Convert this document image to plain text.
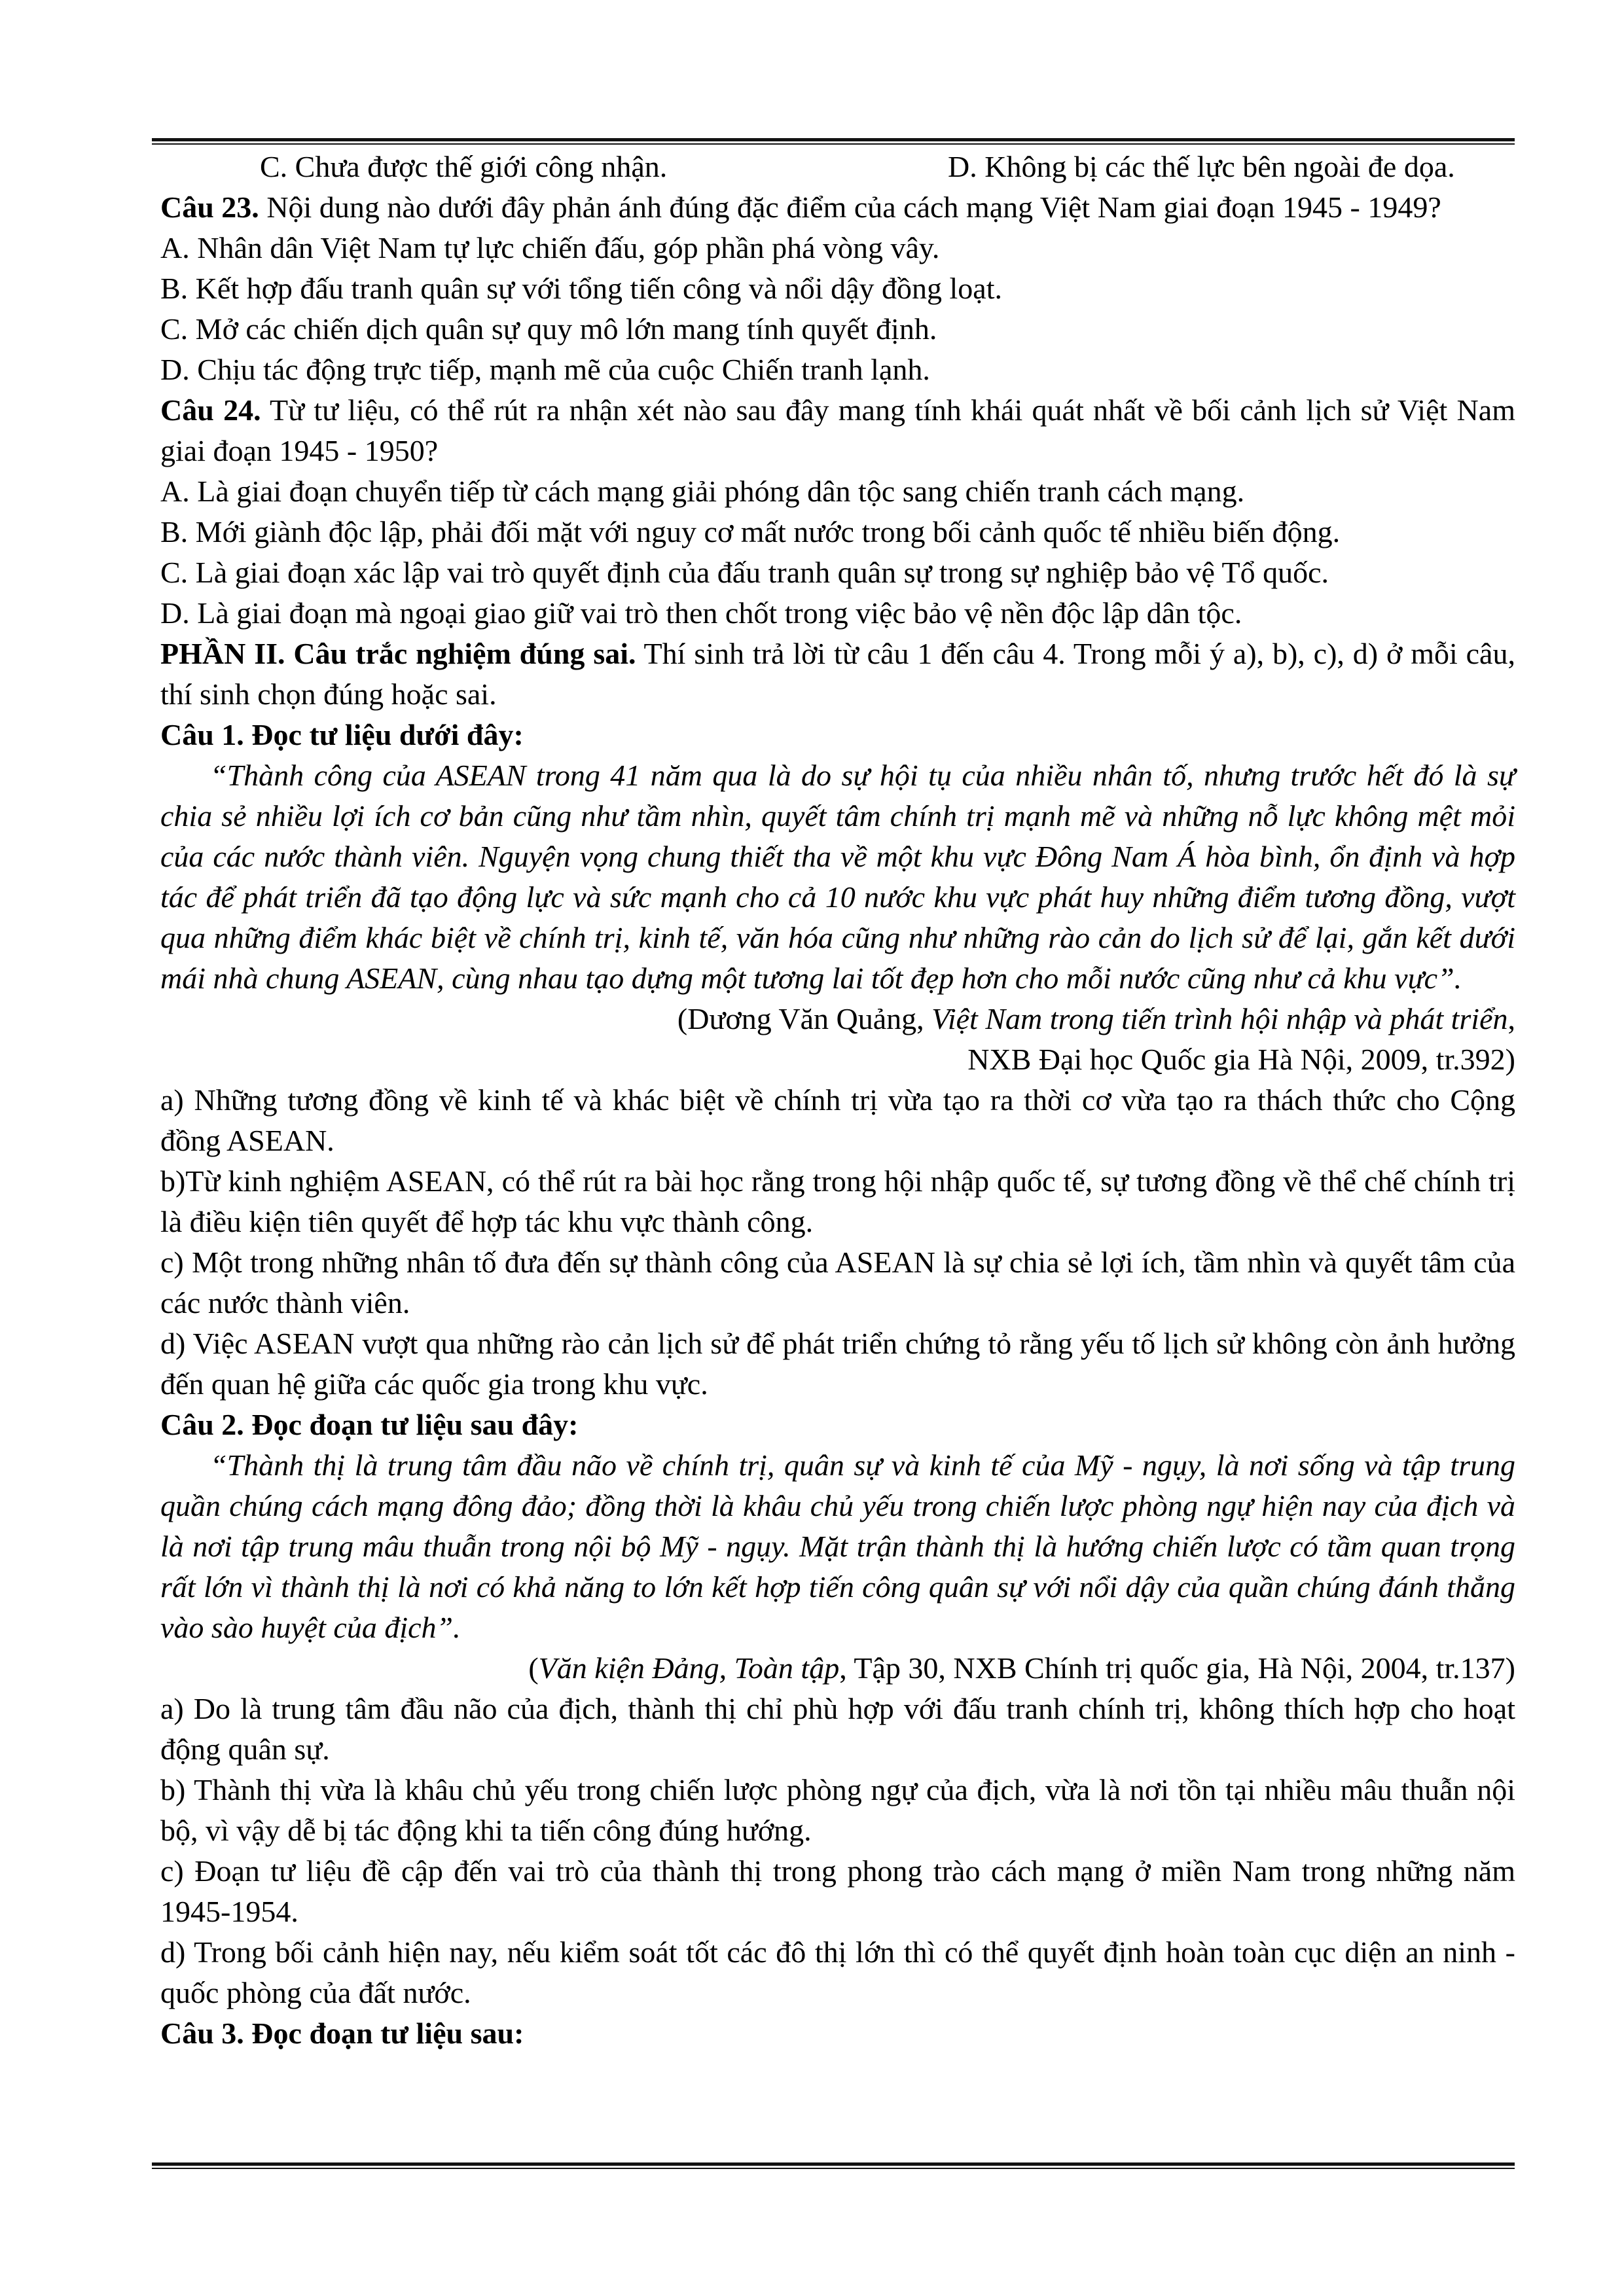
C. Chưa được thế giới công nhận.	D. Không bị các thế lực bên ngoài đe dọa.

Câu 23. Nội dung nào dưới đây phản ánh đúng đặc điểm của cách mạng Việt Nam giai đoạn 1945 - 1949?

A. Nhân dân Việt Nam tự lực chiến đấu, góp phần phá vòng vây.
B. Kết hợp đấu tranh quân sự với tổng tiến công và nổi dậy đồng loạt.
C. Mở các chiến dịch quân sự quy mô lớn mang tính quyết định.
D. Chịu tác động trực tiếp, mạnh mẽ của cuộc Chiến tranh lạnh.

Câu 24. Từ tư liệu, có thể rút ra nhận xét nào sau đây mang tính khái quát nhất về bối cảnh lịch sử Việt Nam giai đoạn 1945 - 1950?

A. Là giai đoạn chuyển tiếp từ cách mạng giải phóng dân tộc sang chiến tranh cách mạng.
B. Mới giành độc lập, phải đối mặt với nguy cơ mất nước trong bối cảnh quốc tế nhiều biến động.
C. Là giai đoạn xác lập vai trò quyết định của đấu tranh quân sự trong sự nghiệp bảo vệ Tổ quốc.
D. Là giai đoạn mà ngoại giao giữ vai trò then chốt trong việc bảo vệ nền độc lập dân tộc.

PHẦN II. Câu trắc nghiệm đúng sai. Thí sinh trả lời từ câu 1 đến câu 4. Trong mỗi ý a), b), c), d) ở mỗi câu, thí sinh chọn đúng hoặc sai.

Câu 1. Đọc tư liệu dưới đây:

“Thành công của ASEAN trong 41 năm qua là do sự hội tụ của nhiều nhân tố, nhưng trước hết đó là sự chia sẻ nhiều lợi ích cơ bản cũng như tầm nhìn, quyết tâm chính trị mạnh mẽ và những nỗ lực không mệt mỏi của các nước thành viên. Nguyện vọng chung thiết tha về một khu vực Đông Nam Á hòa bình, ổn định và hợp tác để phát triển đã tạo động lực và sức mạnh cho cả 10 nước khu vực phát huy những điểm tương đồng, vượt qua những điểm khác biệt về chính trị, kinh tế, văn hóa cũng như những rào cản do lịch sử để lại, gắn kết dưới mái nhà chung ASEAN, cùng nhau tạo dựng một tương lai tốt đẹp hơn cho mỗi nước cũng như cả khu vực”.

(Dương Văn Quảng, Việt Nam trong tiến trình hội nhập và phát triển,

NXB Đại học Quốc gia Hà Nội, 2009, tr.392)

a) Những tương đồng về kinh tế và khác biệt về chính trị vừa tạo ra thời cơ vừa tạo ra thách thức cho Cộng đồng ASEAN.

b)Từ kinh nghiệm ASEAN, có thể rút ra bài học rằng trong hội nhập quốc tế, sự tương đồng về thể chế chính trị là điều kiện tiên quyết để hợp tác khu vực thành công.

c) Một trong những nhân tố đưa đến sự thành công của ASEAN là sự chia sẻ lợi ích, tầm nhìn và quyết tâm của các nước thành viên.

d) Việc ASEAN vượt qua những rào cản lịch sử để phát triển chứng tỏ rằng yếu tố lịch sử không còn ảnh hưởng đến quan hệ giữa các quốc gia trong khu vực.

Câu 2. Đọc đoạn tư liệu sau đây:

“Thành thị là trung tâm đầu não về chính trị, quân sự và kinh tế của Mỹ - ngụy, là nơi sống và tập trung quần chúng cách mạng đông đảo; đồng thời là khâu chủ yếu trong chiến lược phòng ngự hiện nay của địch và là nơi tập trung mâu thuẫn trong nội bộ Mỹ - ngụy. Mặt trận thành thị là hướng chiến lược có tầm quan trọng rất lớn vì thành thị là nơi có khả năng to lớn kết hợp tiến công quân sự với nổi dậy của quần chúng đánh thẳng vào sào huyệt của địch”.

(Văn kiện Đảng, Toàn tập, Tập 30, NXB Chính trị quốc gia, Hà Nội, 2004, tr.137)

a) Do là trung tâm đầu não của địch, thành thị chỉ phù hợp với đấu tranh chính trị, không thích hợp cho hoạt động quân sự.

b) Thành thị vừa là khâu chủ yếu trong chiến lược phòng ngự của địch, vừa là nơi tồn tại nhiều mâu thuẫn nội bộ, vì vậy dễ bị tác động khi ta tiến công đúng hướng.

c) Đoạn tư liệu đề cập đến vai trò của thành thị trong phong trào cách mạng ở miền Nam trong những năm 1945-1954.

d) Trong bối cảnh hiện nay, nếu kiểm soát tốt các đô thị lớn thì có thể quyết định hoàn toàn cục diện an ninh - quốc phòng của đất nước.

Câu 3. Đọc đoạn tư liệu sau:
